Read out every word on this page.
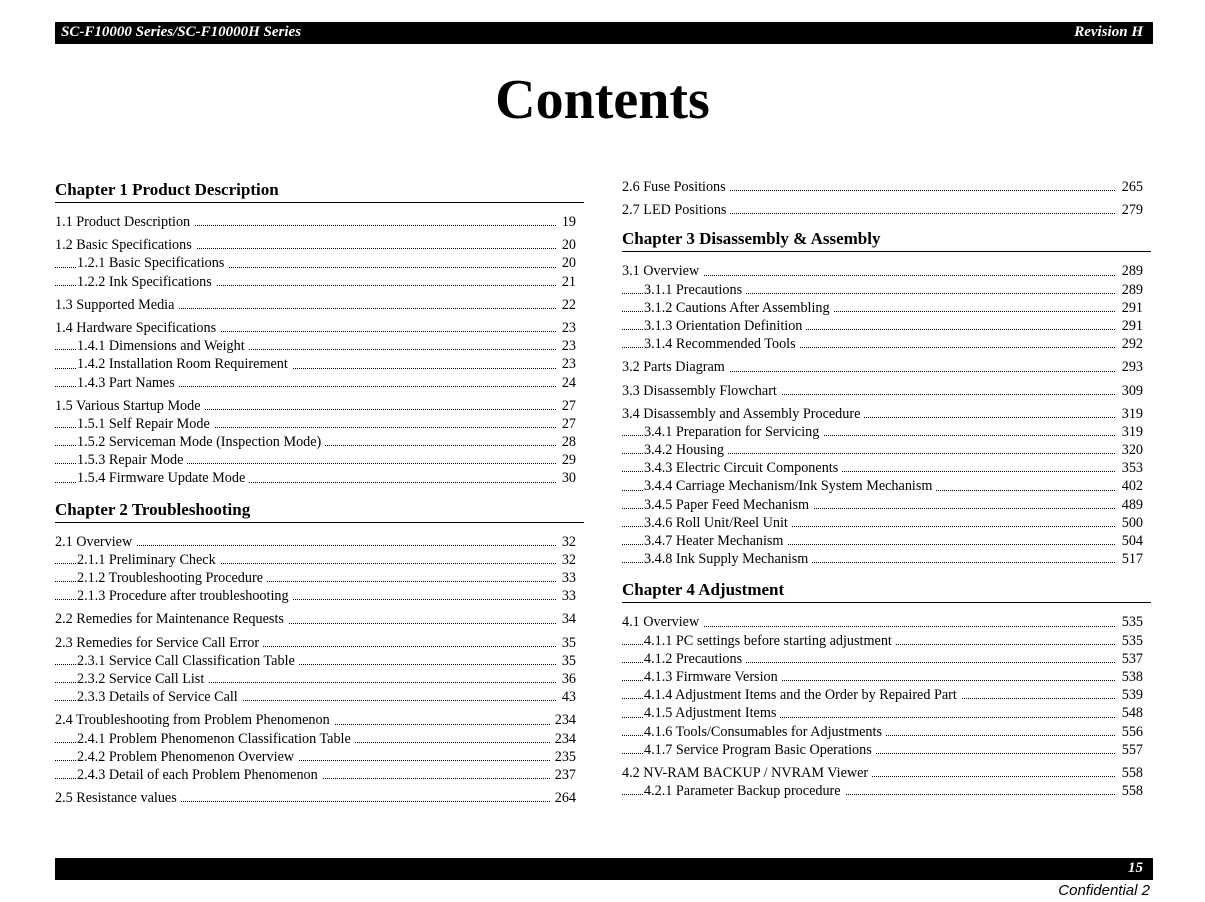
SC-F10000 Series/SC-F10000H Series	Revision H
Contents
Chapter 1 Product Description
1.1 Product Description	19
1.2 Basic Specifications	20
1.2.1 Basic Specifications	20
1.2.2 Ink Specifications	21
1.3 Supported Media	22
1.4 Hardware Specifications	23
1.4.1 Dimensions and Weight	23
1.4.2 Installation Room Requirement	23
1.4.3 Part Names	24
1.5 Various Startup Mode	27
1.5.1 Self Repair Mode	27
1.5.2 Serviceman Mode (Inspection Mode)	28
1.5.3 Repair Mode	29
1.5.4 Firmware Update Mode	30
Chapter 2 Troubleshooting
2.1 Overview	32
2.1.1 Preliminary Check	32
2.1.2 Troubleshooting Procedure	33
2.1.3 Procedure after troubleshooting	33
2.2 Remedies for Maintenance Requests	34
2.3 Remedies for Service Call Error	35
2.3.1 Service Call Classification Table	35
2.3.2 Service Call List	36
2.3.3 Details of Service Call	43
2.4 Troubleshooting from Problem Phenomenon	234
2.4.1 Problem Phenomenon Classification Table	234
2.4.2 Problem Phenomenon Overview	235
2.4.3 Detail of each Problem Phenomenon	237
2.5 Resistance values	264
2.6 Fuse Positions	265
2.7 LED Positions	279
Chapter 3 Disassembly & Assembly
3.1 Overview	289
3.1.1 Precautions	289
3.1.2 Cautions After Assembling	291
3.1.3 Orientation Definition	291
3.1.4 Recommended Tools	292
3.2 Parts Diagram	293
3.3 Disassembly Flowchart	309
3.4 Disassembly and Assembly Procedure	319
3.4.1 Preparation for Servicing	319
3.4.2 Housing	320
3.4.3 Electric Circuit Components	353
3.4.4 Carriage Mechanism/Ink System Mechanism	402
3.4.5 Paper Feed Mechanism	489
3.4.6 Roll Unit/Reel Unit	500
3.4.7 Heater Mechanism	504
3.4.8 Ink Supply Mechanism	517
Chapter 4 Adjustment
4.1 Overview	535
4.1.1 PC settings before starting adjustment	535
4.1.2 Precautions	537
4.1.3 Firmware Version	538
4.1.4 Adjustment Items and the Order by Repaired Part	539
4.1.5 Adjustment Items	548
4.1.6 Tools/Consumables for Adjustments	556
4.1.7 Service Program Basic Operations	557
4.2 NV-RAM BACKUP / NVRAM Viewer	558
4.2.1 Parameter Backup procedure	558
15
Confidential 2
